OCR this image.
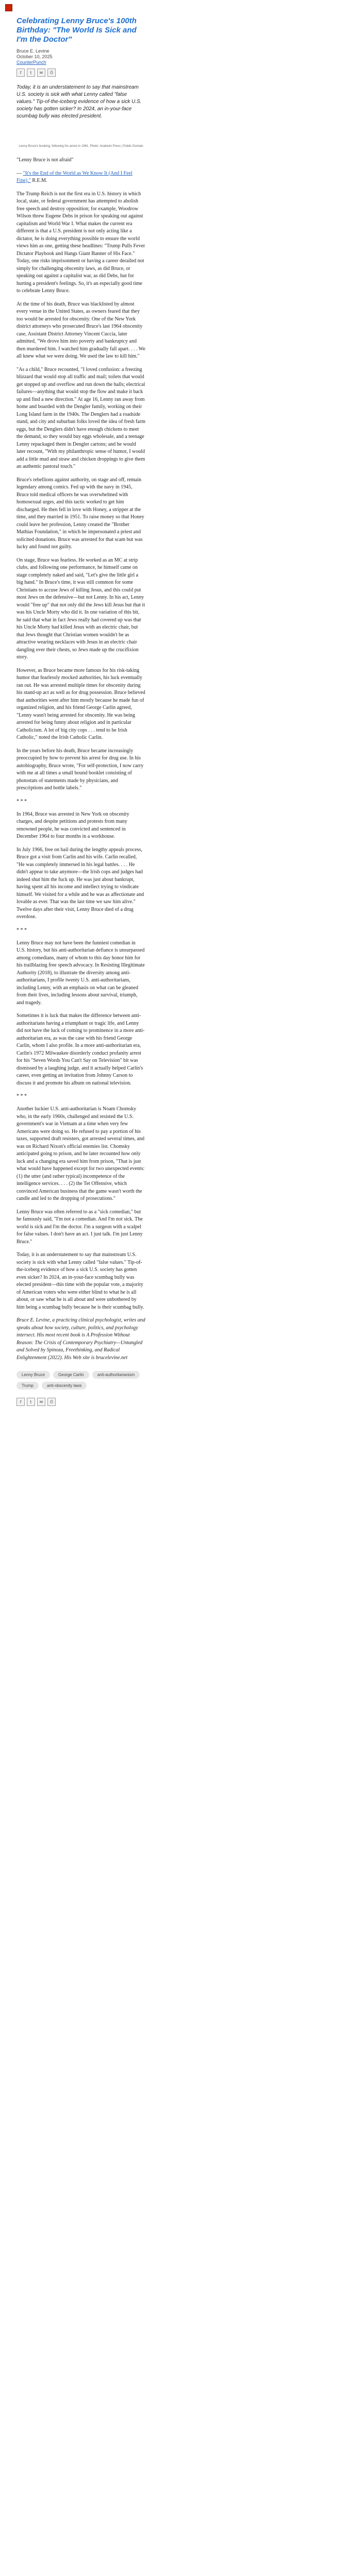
Celebrating Lenny Bruce's 100th Birthday: "The World Is Sick and I'm the Doctor"
Bruce E. Levine
October 10, 2025
CounterPunch
f	t	✉	⎙

Today, it is an understatement to say that mainstream U.S. society is sick with what Lenny called "false values." Tip-of-the-iceberg evidence of how a sick U.S. society has gotten sicker? In 2024, an in-your-face scumbag bully was elected president.

Lenny Bruce's booking, following his arrest in 1961. Photo: Anaheim Press | Public Domain

"Lenny Bruce is not afraid"

— "It's the End of the World as We Know It (And I Feel Fine)," R.E.M.

The Trump Reich is not the first era in U.S. history in which local, state, or federal government has attempted to abolish free speech and destroy opposition; for example, Woodrow Wilson threw Eugene Debs in prison for speaking out against capitalism and World War I. What makes the current era different is that a U.S. president is not only acting like a dictator, he is doing everything possible to ensure the world views him as one, getting these headlines: "Trump Pulls Fever Dictator Playbook and Hangs Giant Banner of His Face." Today, one risks imprisonment or having a career derailed not simply for challenging obscenity laws, as did Bruce, or speaking out against a capitalist war, as did Debs, but for hurting a president's feelings. So, it's an especially good time to celebrate Lenny Bruce.

At the time of his death, Bruce was blacklisted by almost every venue in the United States, as owners feared that they too would be arrested for obscenity. One of the New York district attorneys who prosecuted Bruce's last 1964 obscenity case, Assistant District Attorney Vincent Cuccia, later admitted, "We drove him into poverty and bankruptcy and then murdered him. I watched him gradually fall apart. . . . We all knew what we were doing. We used the law to kill him."

"As a child," Bruce recounted, "I loved confusion: a freezing blizzard that would stop all traffic and mail; toilets that would get stopped up and overflow and run down the halls; electrical failures—anything that would stop the flow and make it back up and find a new direction." At age 16, Lenny ran away from home and boarded with the Dengler family, working on their Long Island farm in the 1940s. The Denglers had a roadside stand, and city and suburban folks loved the idea of fresh farm eggs, but the Denglers didn't have enough chickens to meet the demand, so they would buy eggs wholesale, and a teenage Lenny repackaged them in Dengler cartons; and he would later recount, "With my philanthropic sense of humor, I would add a little mud and straw and chicken droppings to give them an authentic pastoral touch."

Bruce's rebellions against authority, on stage and off, remain legendary among comics. Fed up with the navy in 1945, Bruce told medical officers he was overwhelmed with homosexual urges, and this tactic worked to get him discharged. He then fell in love with Honey, a stripper at the time, and they married in 1951. To raise money so that Honey could leave her profession, Lenny created the "Brother Mathias Foundation," in which he impersonated a priest and solicited donations. Bruce was arrested for that scam but was lucky and found not guilty.

On stage, Bruce was fearless. He worked as an MC at strip clubs, and following one performance, he himself came on stage completely naked and said, "Let's give the little girl a big hand." In Bruce's time, it was still common for some Christians to accuse Jews of killing Jesus, and this could put most Jews on the defensive—but not Lenny. In his act, Lenny would "free up" that not only did the Jews kill Jesus but that it was his Uncle Morty who did it. In one variation of this bit, he said that what in fact Jews really had covered up was that his Uncle Morty had killed Jesus with an electric chair, but that Jews thought that Christian women wouldn't be as attractive wearing necklaces with Jesus in an electric chair dangling over their chests, so Jews made up the crucifixion story.

However, as Bruce became more famous for his risk-taking humor that fearlessly mocked authorities, his luck eventually ran out. He was arrested multiple times for obscenity during his stand-up act as well as for drug possession. Bruce believed that authorities went after him mostly because he made fun of organized religion, and his friend George Carlin agreed, "Lenny wasn't being arrested for obscenity. He was being arrested for being funny about religion and in particular Catholicism. A lot of big city cops . . . tend to be Irish Catholic," noted the Irish Catholic Carlin.

In the years before his death, Bruce became increasingly preoccupied by how to prevent his arrest for drug use. In his autobiography, Bruce wrote, "For self-protection, I now carry with me at all times a small bound booklet consisting of photostats of statements made by physicians, and prescriptions and bottle labels."

* * *

In 1964, Bruce was arrested in New York on obscenity charges, and despite petitions and protests from many renowned people, he was convicted and sentenced in December 1964 to four months in a workhouse.

In July 1966, free on bail during the lengthy appeals process, Bruce got a visit from Carlin and his wife. Carlin recalled, "He was completely immersed in his legal battles. . . . He didn't appear to take anymore—the Irish cops and judges had indeed shut him the fuck up. He was just about bankrupt, having spent all his income and intellect trying to vindicate himself. We visited for a while and he was as affectionate and lovable as ever. That was the last time we saw him alive." Twelve days after their visit, Lenny Bruce died of a drug overdose.

* * *

Lenny Bruce may not have been the funniest comedian in U.S. history, but his anti-authoritarian defiance is unsurpassed among comedians, many of whom to this day honor him for his trailblazing free speech advocacy. In Resisting Illegitimate Authority (2018), to illustrate the diversity among anti-authoritarians, I profile twenty U.S. anti-authoritarians, including Lenny, with an emphasis on what can be gleaned from their lives, including lessons about survival, triumph, and tragedy.

Sometimes it is luck that makes the difference between anti-authoritarians having a triumphant or tragic life, and Lenny did not have the luck of coming to prominence in a more anti-authoritarian era, as was the case with his friend George Carlin, whom I also profile. In a more anti-authoritarian era, Carlin's 1972 Milwaukee disorderly conduct profanity arrest for his "Seven Words You Can't Say on Television" bit was dismissed by a laughing judge, and it actually helped Carlin's career, even getting an invitation from Johnny Carson to discuss it and promote his album on national television.

* * *

Another luckier U.S. anti-authoritarian is Noam Chomsky who, in the early 1960s, challenged and resisted the U.S. government's war in Vietnam at a time when very few Americans were doing so. He refused to pay a portion of his taxes, supported draft resisters, got arrested several times, and was on Richard Nixon's official enemies list. Chomsky anticipated going to prison, and he later recounted how only luck and a changing era saved him from prison, "That is just what would have happened except for two unexpected events: (1) the utter (and rather typical) incompetence of the intelligence services. . . . (2) the Tet Offensive, which convinced American business that the game wasn't worth the candle and led to the dropping of prosecutions."

Lenny Bruce was often referred to as a "sick comedian," but he famously said, "I'm not a comedian. And I'm not sick. The world is sick and I'm the doctor. I'm a surgeon with a scalpel for false values. I don't have an act. I just talk. I'm just Lenny Bruce."

Today, it is an understatement to say that mainstream U.S. society is sick with what Lenny called "false values." Tip-of-the-iceberg evidence of how a sick U.S. society has gotten even sicker? In 2024, an in-your-face scumbag bully was elected president—this time with the popular vote, a majority of American voters who were either blind to what he is all about, or saw what he is all about and were unbothered by him being a scumbag bully because he is their scumbag bully.

Bruce E. Levine, a practicing clinical psychologist, writes and speaks about how society, culture, politics, and psychology intersect. His most recent book is A Profession Without Reason: The Crisis of Contemporary Psychiatry—Untangled and Solved by Spinoza, Freethinking, and Radical Enlightenment (2022). His Web site is brucelevine.net

Lenny Bruce	George Carlin	anti-authoritarianism
Trump	anti-obscenity laws
f	t	✉	⎙
